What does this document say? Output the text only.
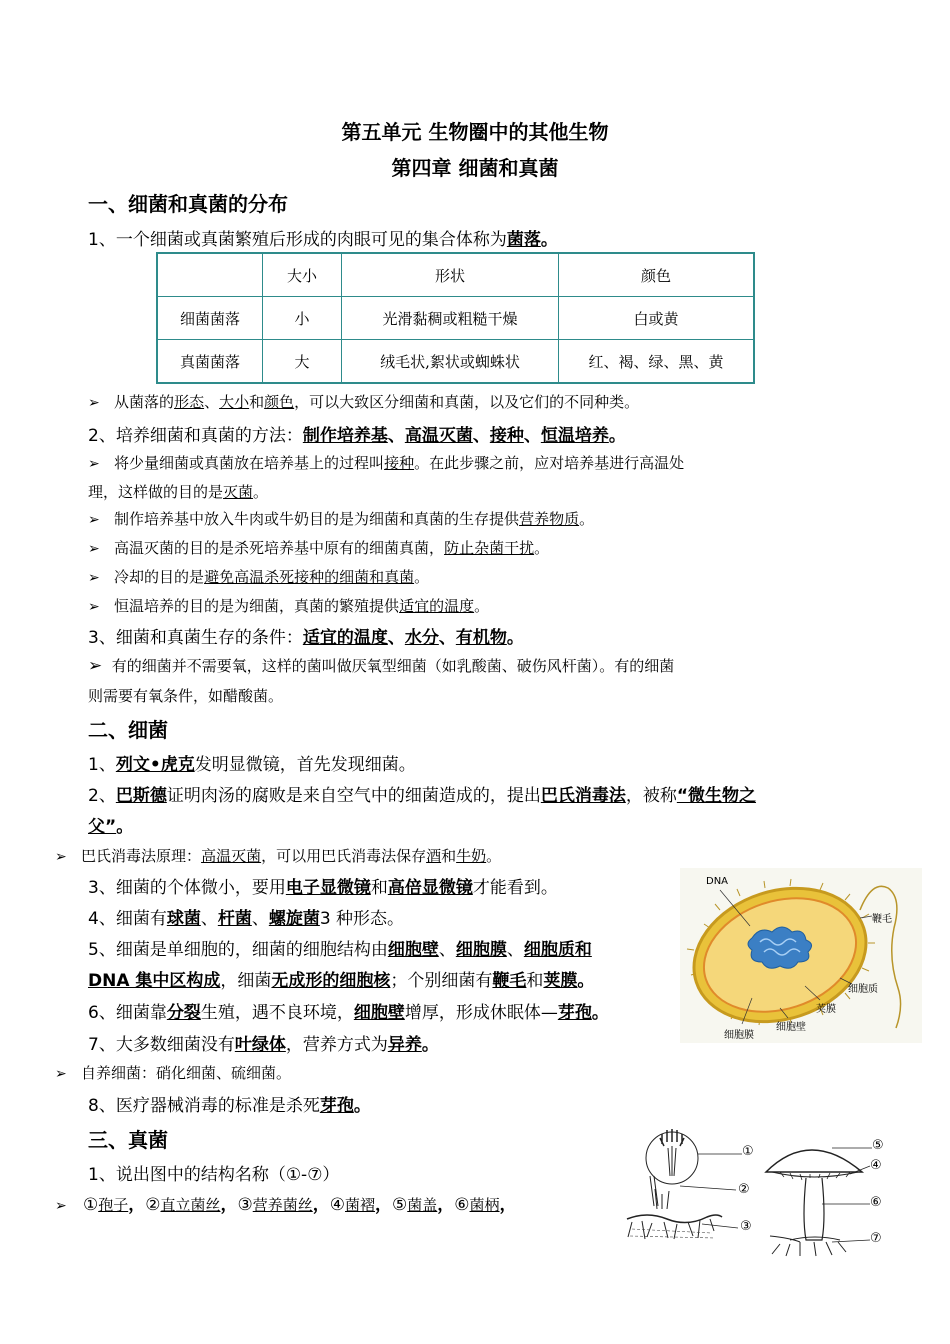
第五单元 生物圈中的其他生物
第四章 细菌和真菌
一、细菌和真菌的分布
1、一个细菌或真菌繁殖后形成的肉眼可见的集合体称为菌落。
	大小	形状	颜色
细菌菌落	小	光滑黏稠或粗糙干燥	白或黄
真菌菌落	大	绒毛状,絮状或蜘蛛状	红、褐、绿、黑、黄
➢ 从菌落的形态、大小和颜色，可以大致区分细菌和真菌，以及它们的不同种类。
2、培养细菌和真菌的方法：制作培养基、高温灭菌、接种、恒温培养。
➢ 将少量细菌或真菌放在培养基上的过程叫接种。在此步骤之前，应对培养基进行高温处
理，这样做的目的是灭菌。
➢ 制作培养基中放入牛肉或牛奶目的是为细菌和真菌的生存提供营养物质。
➢ 高温灭菌的目的是杀死培养基中原有的细菌真菌，防止杂菌干扰。
➢ 冷却的目的是避免高温杀死接种的细菌和真菌。
➢ 恒温培养的目的是为细菌，真菌的繁殖提供适宜的温度。
3、细菌和真菌生存的条件：适宜的温度、水分、有机物。
➢ 有的细菌并不需要氧，这样的菌叫做厌氧型细菌（如乳酸菌、破伤风杆菌）。有的细菌
则需要有氧条件，如醋酸菌。
二、细菌
1、列文•虎克发明显微镜，首先发现细菌。
2、巴斯德证明肉汤的腐败是来自空气中的细菌造成的，提出巴氏消毒法，被称“微生物之
父”。
➢ 巴氏消毒法原理：高温灭菌，可以用巴氏消毒法保存酒和牛奶。
3、细菌的个体微小，要用电子显微镜和高倍显微镜才能看到。
4、细菌有球菌、杆菌、螺旋菌3 种形态。
5、细菌是单细胞的，细菌的细胞结构由细胞壁、细胞膜、细胞质和
DNA 集中区构成，细菌无成形的细胞核；个别细菌有鞭毛和荚膜。
6、细菌靠分裂生殖，遇不良环境，细胞壁增厚，形成休眠体—芽孢。
7、大多数细菌没有叶绿体，营养方式为异养。
➢ 自养细菌：硝化细菌、硫细菌。
8、医疗器械消毒的标准是杀死芽孢。
DNA
鞭毛
细胞质
荚膜
细胞壁
细胞膜
三、真菌
1、说出图中的结构名称（①-⑦）
➢ ①孢子，②直立菌丝，③营养菌丝，④菌褶，⑤菌盖，⑥菌柄，
①
②
③
⑤
④
⑥
⑦
